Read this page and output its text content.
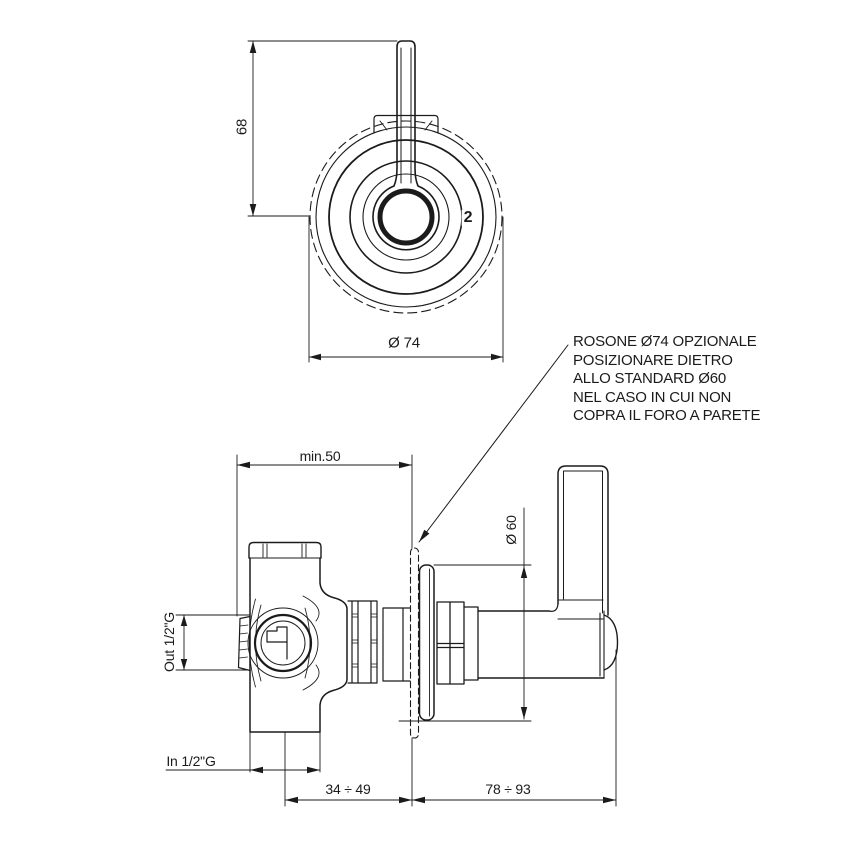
68
Ø 74
2
min.50
Out 1/2"G
In 1/2"G
Ø 60
34 ÷ 49	78 ÷ 93
ROSONE Ø74 OPZIONALE
POSIZIONARE DIETRO
ALLO STANDARD Ø60
NEL CASO IN CUI NON
COPRA IL FORO A PARETE
